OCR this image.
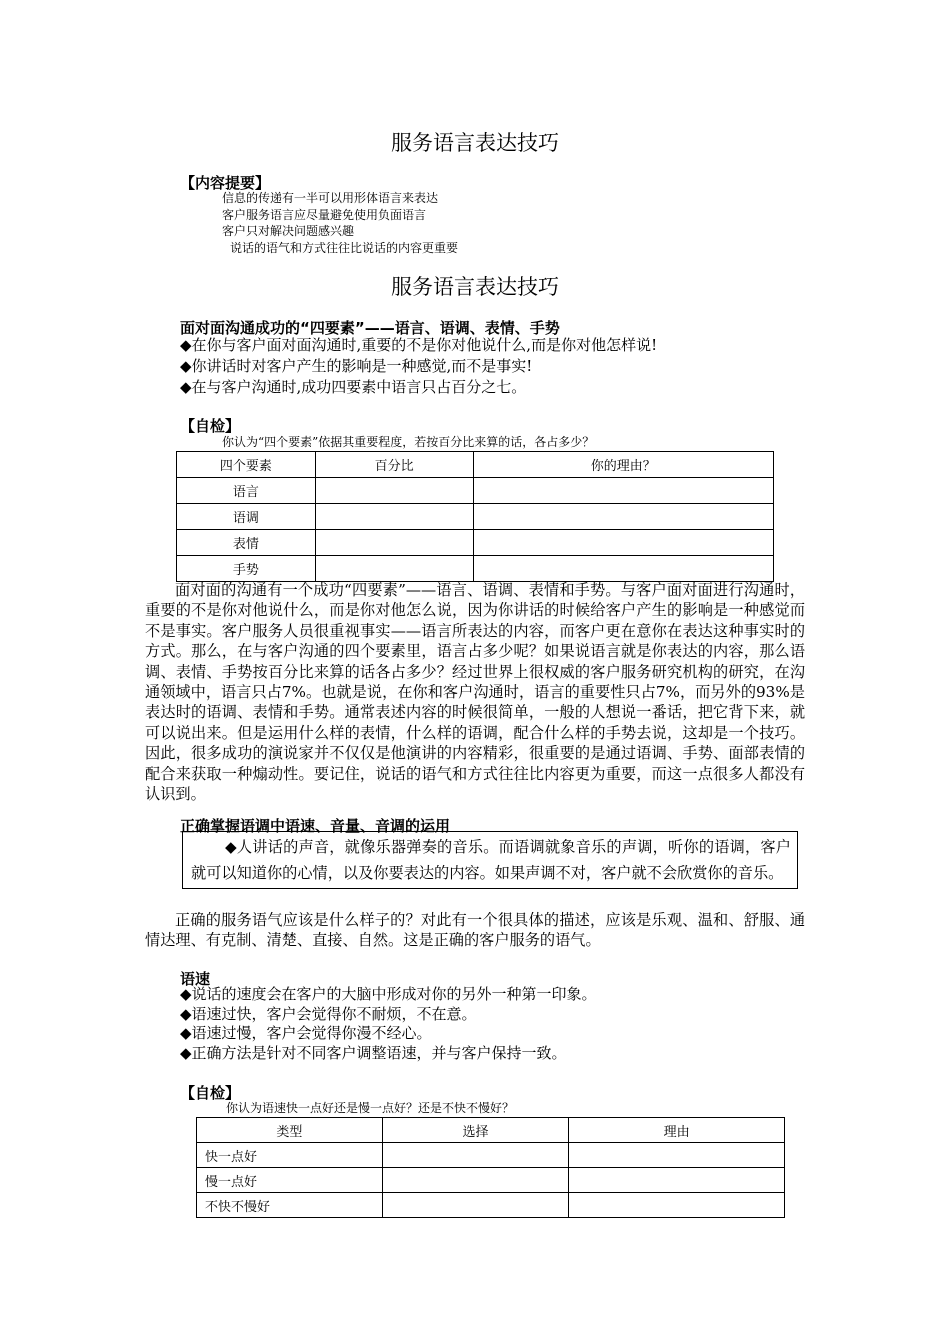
服务语言表达技巧
【内容提要】
信息的传递有一半可以用形体语言来表达
客户服务语言应尽量避免使用负面语言
客户只对解决问题感兴趣
说话的语气和方式往往比说话的内容更重要
服务语言表达技巧
面对面沟通成功的“四要素”——语言、语调、表情、手势
◆在你与客户面对面沟通时,重要的不是你对他说什么,而是你对他怎样说!
◆你讲话时对客户产生的影响是一种感觉,而不是事实!
◆在与客户沟通时,成功四要素中语言只占百分之七。
【自检】
你认为“四个要素”依据其重要程度，若按百分比来算的话，各占多少？
四个要素	百分比	你的理由？
语言		
语调		
表情		
手势		

面对面的沟通有一个成功“四要素”——语言、语调、表情和手势。与客户面对面进行沟通时，重要的不是你对他说什么，而是你对他怎么说，因为你讲话的时候给客户产生的影响是一种感觉而不是事实。客户服务人员很重视事实——语言所表达的内容，而客户更在意你在表达这种事实时的方式。那么，在与客户沟通的四个要素里，语言占多少呢？如果说语言就是你表达的内容，那么语调、表情、手势按百分比来算的话各占多少？经过世界上很权威的客户服务研究机构的研究，在沟通领域中，语言只占7%。也就是说，在你和客户沟通时，语言的重要性只占7%，而另外的93%是表达时的语调、表情和手势。通常表述内容的时候很简单，一般的人想说一番话，把它背下来，就可以说出来。但是运用什么样的表情，什么样的语调，配合什么样的手势去说，这却是一个技巧。因此，很多成功的演说家并不仅仅是他演讲的内容精彩，很重要的是通过语调、手势、面部表情的配合来获取一种煽动性。要记住，说话的语气和方式往往比内容更为重要，而这一点很多人都没有认识到。

正确掌握语调中语速、音量、音调的运用

◆人讲话的声音，就像乐器弹奏的音乐。而语调就象音乐的声调，听你的语调，客户就可以知道你的心情，以及你要表达的内容。如果声调不对，客户就不会欣赏你的音乐。

正确的服务语气应该是什么样子的？对此有一个很具体的描述，应该是乐观、温和、舒服、通情达理、有克制、清楚、直接、自然。这是正确的客户服务的语气。

语速
◆说话的速度会在客户的大脑中形成对你的另外一种第一印象。
◆语速过快，客户会觉得你不耐烦，不在意。
◆语速过慢，客户会觉得你漫不经心。
◆正确方法是针对不同客户调整语速，并与客户保持一致。
【自检】
你认为语速快一点好还是慢一点好？还是不快不慢好？
类型	选择	理由
快一点好		
慢一点好		
不快不慢好		
